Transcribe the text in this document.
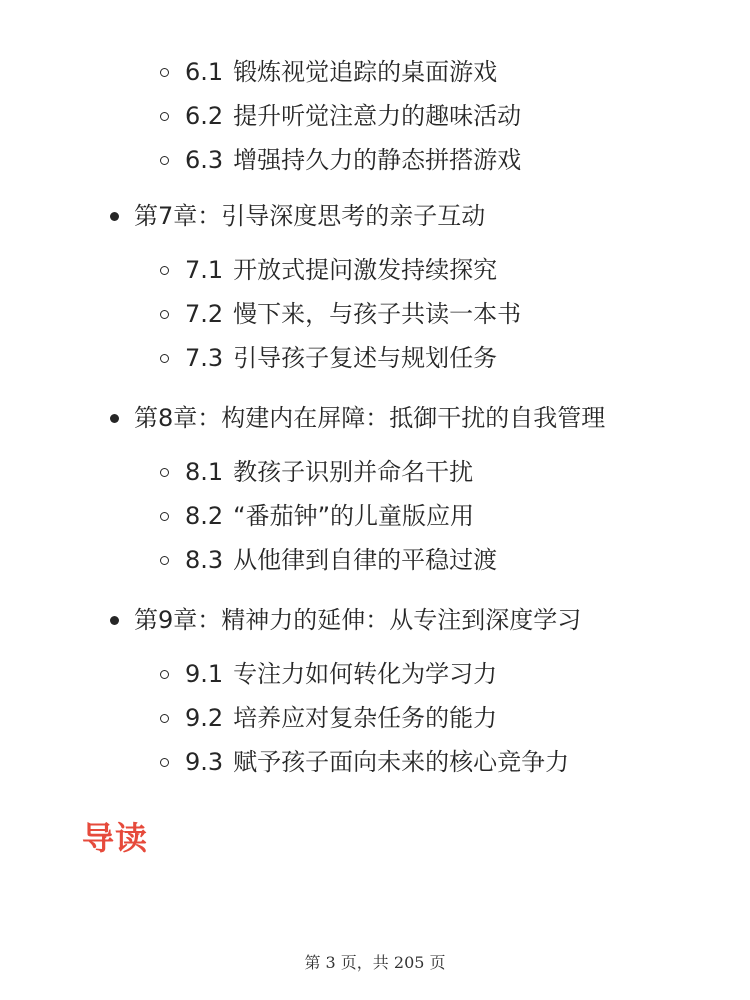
6.1 锻炼视觉追踪的桌面游戏
6.2 提升听觉注意力的趣味活动
6.3 增强持久力的静态拼搭游戏
第7章：引导深度思考的亲子互动
7.1 开放式提问激发持续探究
7.2 慢下来，与孩子共读一本书
7.3 引导孩子复述与规划任务
第8章：构建内在屏障：抵御干扰的自我管理
8.1 教孩子识别并命名干扰
8.2 “番茄钟”的儿童版应用
8.3 从他律到自律的平稳过渡
第9章：精神力的延伸：从专注到深度学习
9.1 专注力如何转化为学习力
9.2 培养应对复杂任务的能力
9.3 赋予孩子面向未来的核心竞争力
导读
第 3 页，共 205 页
